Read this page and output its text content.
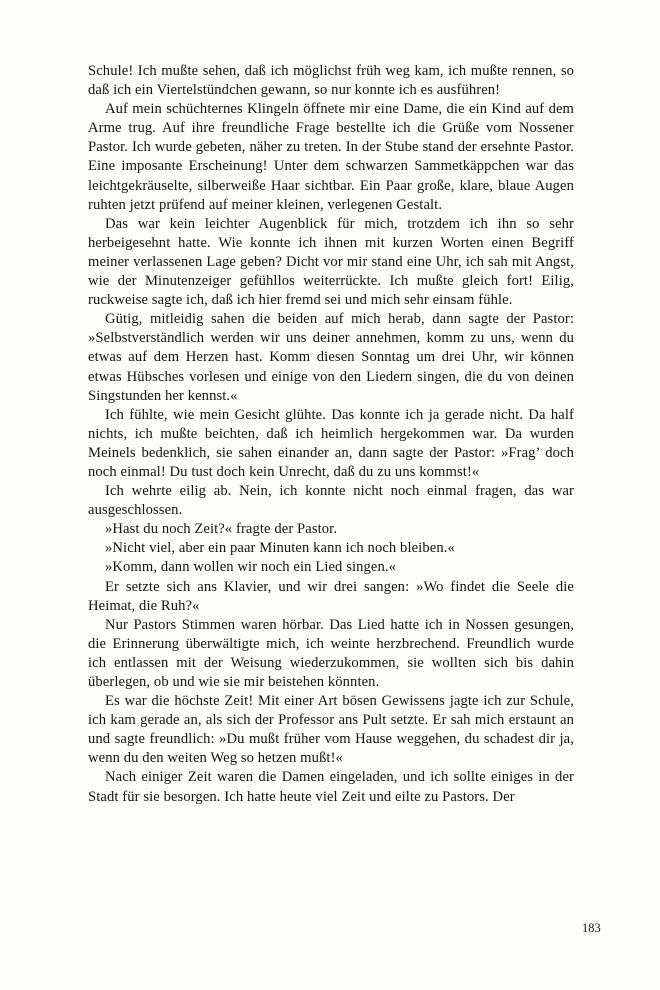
Schule! Ich mußte sehen, daß ich möglichst früh weg kam, ich mußte rennen, so daß ich ein Viertelstündchen gewann, so nur konnte ich es ausführen!

Auf mein schüchternes Klingeln öffnete mir eine Dame, die ein Kind auf dem Arme trug. Auf ihre freundliche Frage bestellte ich die Grüße vom Nossener Pastor. Ich wurde gebeten, näher zu treten. In der Stube stand der ersehnte Pastor. Eine imposante Erscheinung! Unter dem schwarzen Sammetkäppchen war das leichtgekräuselte, silberweiße Haar sichtbar. Ein Paar große, klare, blaue Augen ruhten jetzt prüfend auf meiner kleinen, verlegenen Gestalt.

Das war kein leichter Augenblick für mich, trotzdem ich ihn so sehr herbeigesehnt hatte. Wie konnte ich ihnen mit kurzen Worten einen Begriff meiner verlassenen Lage geben? Dicht vor mir stand eine Uhr, ich sah mit Angst, wie der Minutenzeiger gefühllos weiterrückte. Ich mußte gleich fort! Eilig, ruckweise sagte ich, daß ich hier fremd sei und mich sehr einsam fühle.

Gütig, mitleidig sahen die beiden auf mich herab, dann sagte der Pastor: »Selbstverständlich werden wir uns deiner annehmen, komm zu uns, wenn du etwas auf dem Herzen hast. Komm diesen Sonntag um drei Uhr, wir können etwas Hübsches vorlesen und einige von den Liedern singen, die du von deinen Singstunden her kennst.«

Ich fühlte, wie mein Gesicht glühte. Das konnte ich ja gerade nicht. Da half nichts, ich mußte beichten, daß ich heimlich hergekommen war. Da wurden Meinels bedenklich, sie sahen einander an, dann sagte der Pastor: »Frag’ doch noch einmal! Du tust doch kein Unrecht, daß du zu uns kommst!«

Ich wehrte eilig ab. Nein, ich konnte nicht noch einmal fragen, das war ausgeschlossen.

»Hast du noch Zeit?« fragte der Pastor.

»Nicht viel, aber ein paar Minuten kann ich noch bleiben.«

»Komm, dann wollen wir noch ein Lied singen.«

Er setzte sich ans Klavier, und wir drei sangen: »Wo findet die Seele die Heimat, die Ruh?«

Nur Pastors Stimmen waren hörbar. Das Lied hatte ich in Nossen gesungen, die Erinnerung überwältigte mich, ich weinte herzbrechend. Freundlich wurde ich entlassen mit der Weisung wiederzukommen, sie wollten sich bis dahin überlegen, ob und wie sie mir beistehen könnten.

Es war die höchste Zeit! Mit einer Art bösen Gewissens jagte ich zur Schule, ich kam gerade an, als sich der Professor ans Pult setzte. Er sah mich erstaunt an und sagte freundlich: »Du mußt früher vom Hause weggehen, du schadest dir ja, wenn du den weiten Weg so hetzen mußt!«

Nach einiger Zeit waren die Damen eingeladen, und ich sollte einiges in der Stadt für sie besorgen. Ich hatte heute viel Zeit und eilte zu Pastors. Der

183
